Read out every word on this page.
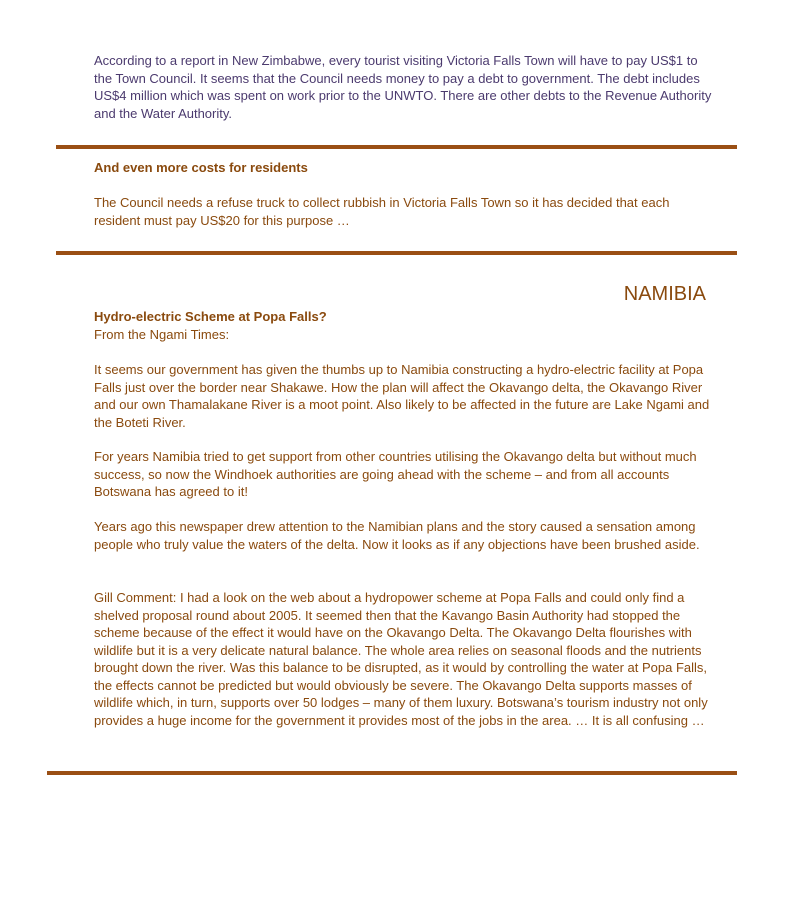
According to a report in New Zimbabwe, every tourist visiting Victoria Falls Town will have to pay US$1 to the Town Council. It seems that the Council needs money to pay a debt to government. The debt includes US$4 million which was spent on work prior to the UNWTO. There are other debts to the Revenue Authority and the Water Authority.

And even more costs for residents

The Council needs a refuse truck to collect rubbish in Victoria Falls Town so it has decided that each resident must pay US$20 for this purpose …

NAMIBIA

Hydro-electric Scheme at Popa Falls?

From the Ngami Times:

It seems our government has given the thumbs up to Namibia constructing a hydro-electric facility at Popa Falls just over the border near Shakawe. How the plan will affect the Okavango delta, the Okavango River and our own Thamalakane River is a moot point. Also likely to be affected in the future are Lake Ngami and the Boteti River.

For years Namibia tried to get support from other countries utilising the Okavango delta but without much success, so now the Windhoek authorities are going ahead with the scheme – and from all accounts Botswana has agreed to it!

Years ago this newspaper drew attention to the Namibian plans and the story caused a sensation among people who truly value the waters of the delta. Now it looks as if any objections have been brushed aside.

Gill Comment: I had a look on the web about a hydropower scheme at Popa Falls and could only find a shelved proposal round about 2005. It seemed then that the Kavango Basin Authority had stopped the scheme because of the effect it would have on the Okavango Delta. The Okavango Delta flourishes with wildlife but it is a very delicate natural balance. The whole area relies on seasonal floods and the nutrients brought down the river. Was this balance to be disrupted, as it would by controlling the water at Popa Falls, the effects cannot be predicted but would obviously be severe. The Okavango Delta supports masses of wildlife which, in turn, supports over 50 lodges – many of them luxury. Botswana’s tourism industry not only provides a huge income for the government it provides most of the jobs in the area. … It is all confusing …
